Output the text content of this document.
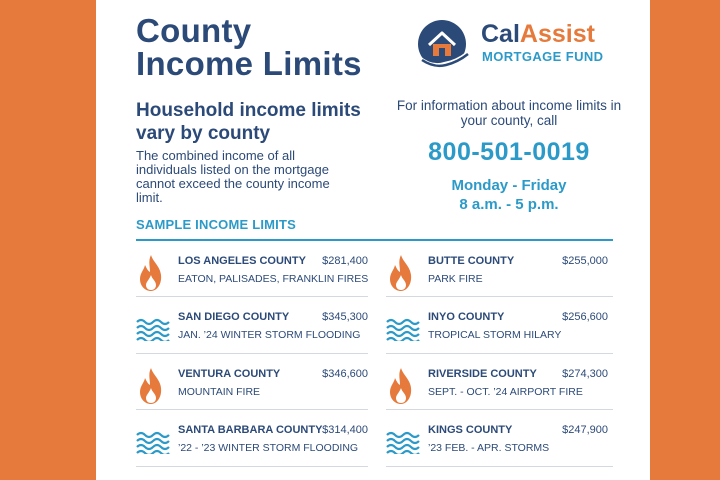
County
Income Limits
CalAssist
MORTGAGE FUND
Household income limits vary by county
The combined income of all individuals listed on the mortgage cannot exceed the county income limit.
For information about income limits in your county, call
800-501-0019
Monday - Friday
8 a.m. - 5 p.m.
SAMPLE INCOME LIMITS
LOS ANGELES COUNTY $281,400
EATON, PALISADES, FRANKLIN FIRES
BUTTE COUNTY	$255,000
PARK FIRE
SAN DIEGO COUNTY	$345,300
JAN. ’24 WINTER STORM FLOODING
INYO COUNTY	$256,600
TROPICAL STORM HILARY
VENTURA COUNTY	$346,600
MOUNTAIN FIRE
RIVERSIDE COUNTY $274,300
SEPT. - OCT. ’24 AIRPORT FIRE
SANTA BARBARA COUNTY $314,400
’22 - ’23 WINTER STORM FLOODING
KINGS COUNTY	$247,900
’23 FEB. - APR. STORMS
